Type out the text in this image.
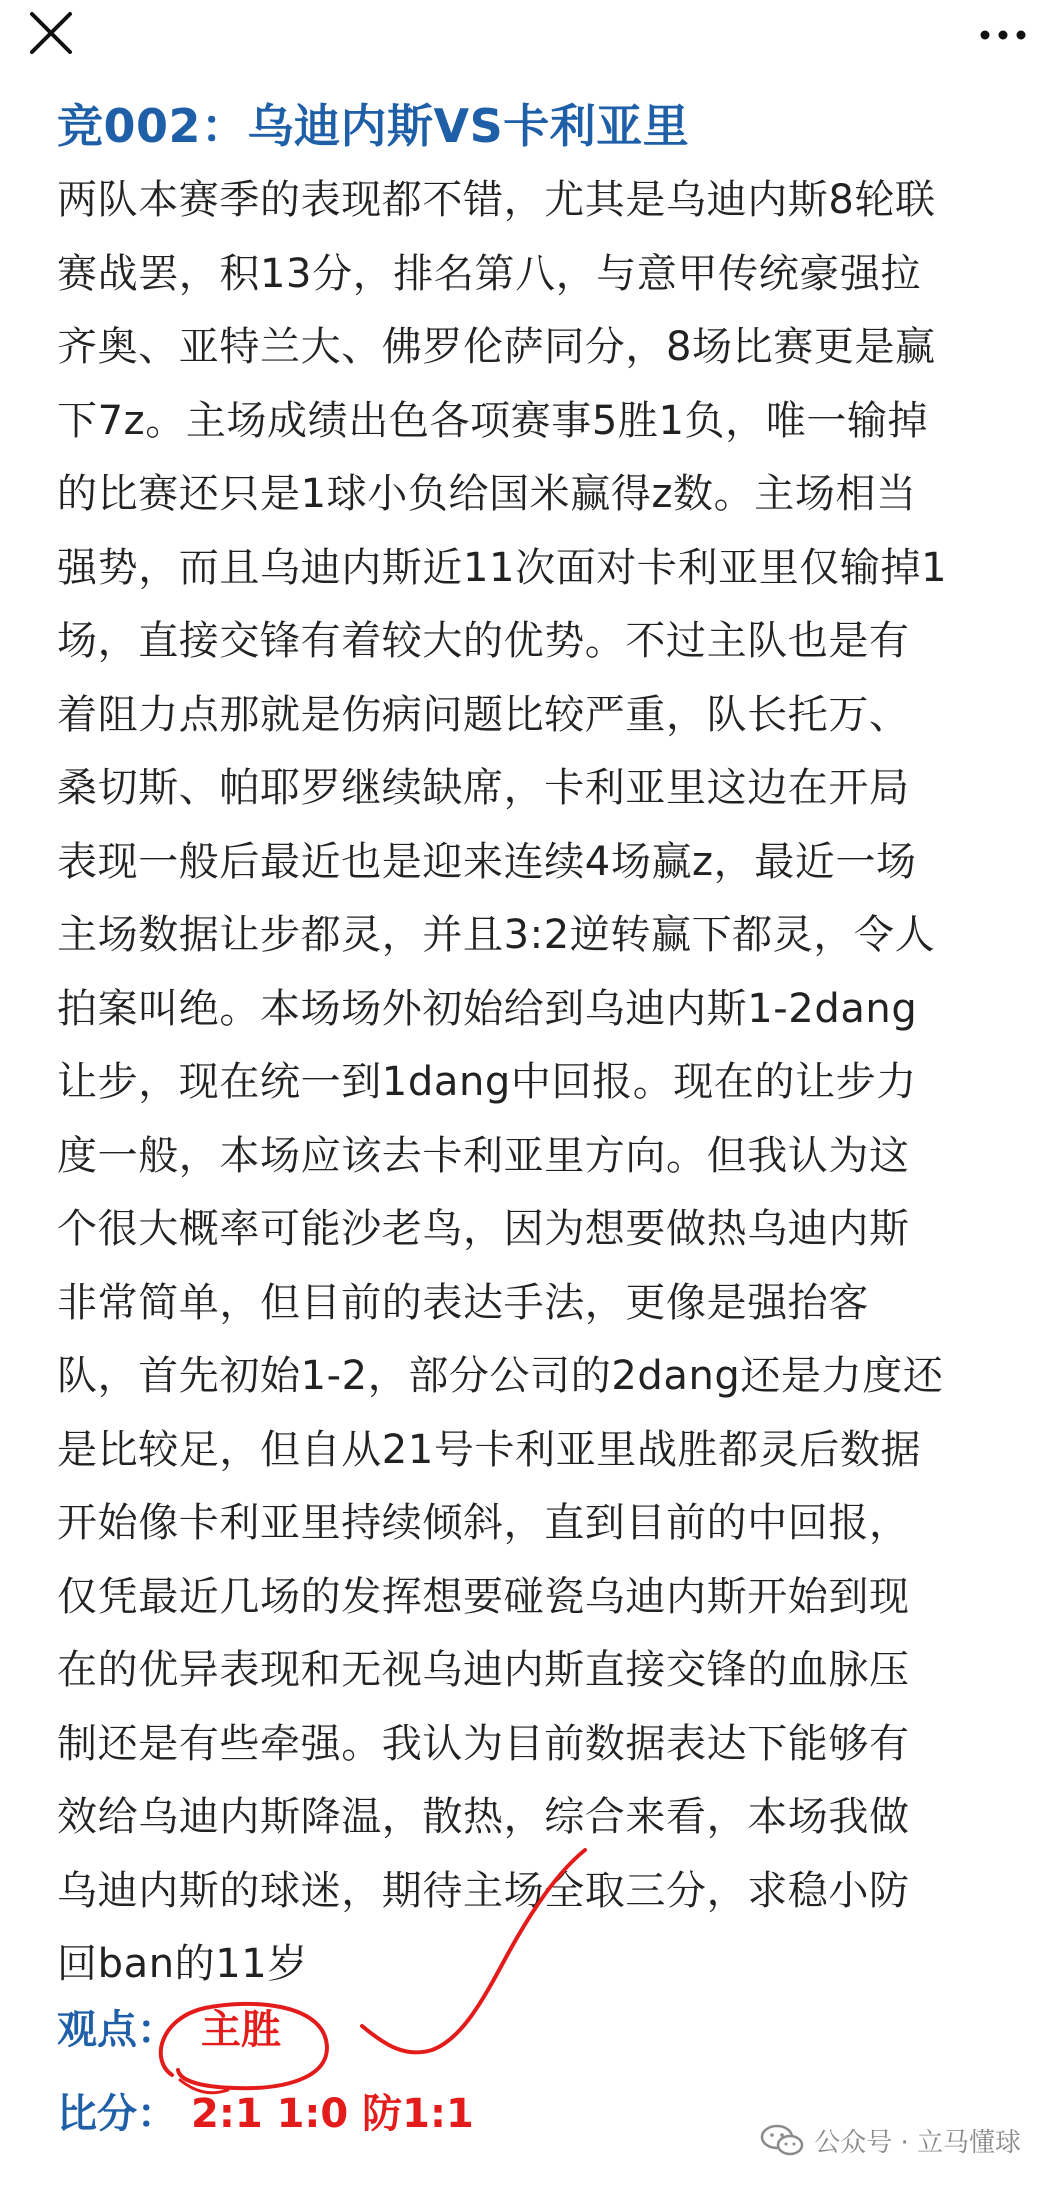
竞002：乌迪内斯VS卡利亚里

两队本赛季的表现都不错，尤其是乌迪内斯8轮联
赛战罢，积13分，排名第八，与意甲传统豪强拉
齐奥、亚特兰大、佛罗伦萨同分，8场比赛更是赢
下7z。主场成绩出色各项赛事5胜1负，唯一输掉
的比赛还只是1球小负给国米赢得z数。主场相当
强势，而且乌迪内斯近11次面对卡利亚里仅输掉1
场，直接交锋有着较大的优势。不过主队也是有
着阻力点那就是伤病问题比较严重，队长托万、
桑切斯、帕耶罗继续缺席，卡利亚里这边在开局
表现一般后最近也是迎来连续4场赢z，最近一场
主场数据让步都灵，并且3:2逆转赢下都灵，令人
拍案叫绝。本场场外初始给到乌迪内斯1-2dang
让步，现在统一到1dang中回报。现在的让步力
度一般，本场应该去卡利亚里方向。但我认为这
个很大概率可能沙老鸟，因为想要做热乌迪内斯
非常简单，但目前的表达手法，更像是强抬客
队，首先初始1-2，部分公司的2dang还是力度还
是比较足，但自从21号卡利亚里战胜都灵后数据
开始像卡利亚里持续倾斜，直到目前的中回报，
仅凭最近几场的发挥想要碰瓷乌迪内斯开始到现
在的优异表现和无视乌迪内斯直接交锋的血脉压
制还是有些牵强。我认为目前数据表达下能够有
效给乌迪内斯降温，散热，综合来看，本场我做
乌迪内斯的球迷，期待主场全取三分，求稳小防
回ban的11岁

观点： 主胜
比分： 2:1 1:0 防1:1
公众号 · 立马懂球
